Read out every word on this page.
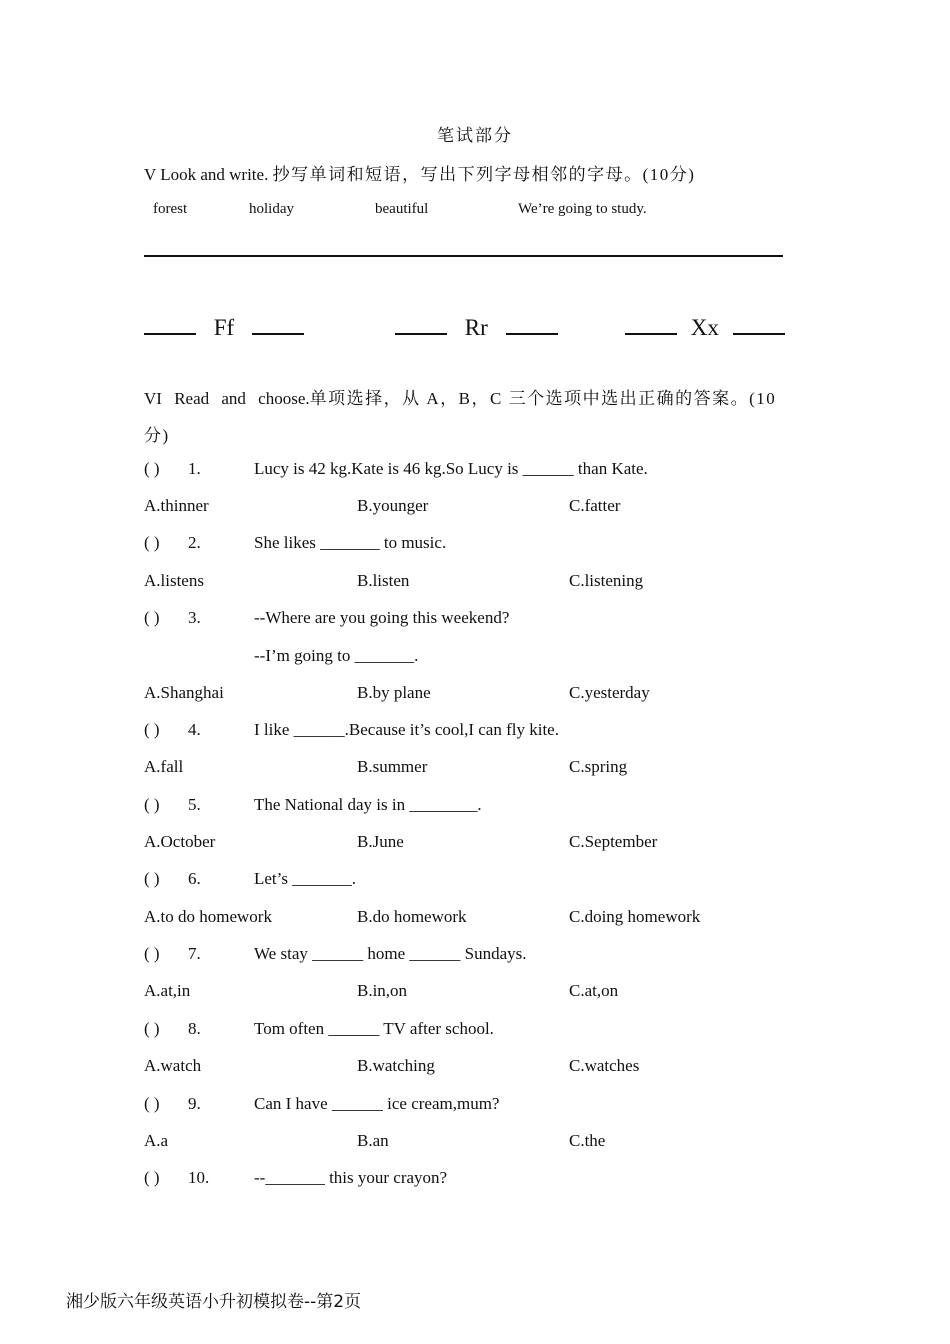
笔试部分
V Look and write. 抄写单词和短语，写出下列字母相邻的字母。(10分)
forest	holiday	beautiful	We’re going to study.
Ff	Rr	Xx
VI Read and choose.单项选择，从 A，B，C 三个选项中选出正确的答案。(10
分)
( ) 1.	Lucy is 42 kg.Kate is 46 kg.So Lucy is ______ than Kate.
A.thinner	B.younger	C.fatter
( ) 2.	She likes _______ to music.
A.listens	B.listen	C.listening
( ) 3.	--Where are you going this weekend?
--I’m going to _______.
A.Shanghai	B.by plane	C.yesterday
( ) 4.	I like ______.Because it’s cool,I can fly kite.
A.fall	B.summer	C.spring
( ) 5.	The National day is in ________.
A.October	B.June	C.September
( ) 6.	Let’s _______.
A.to do homework	B.do homework	C.doing homework
( ) 7.	We stay ______ home ______ Sundays.
A.at,in	B.in,on	C.at,on
( ) 8.	Tom often ______ TV after school.
A.watch	B.watching	C.watches
( ) 9.	Can I have ______ ice cream,mum?
A.a	B.an	C.the
( ) 10.	--_______ this your crayon?
湘少版六年级英语小升初模拟卷--第2页
